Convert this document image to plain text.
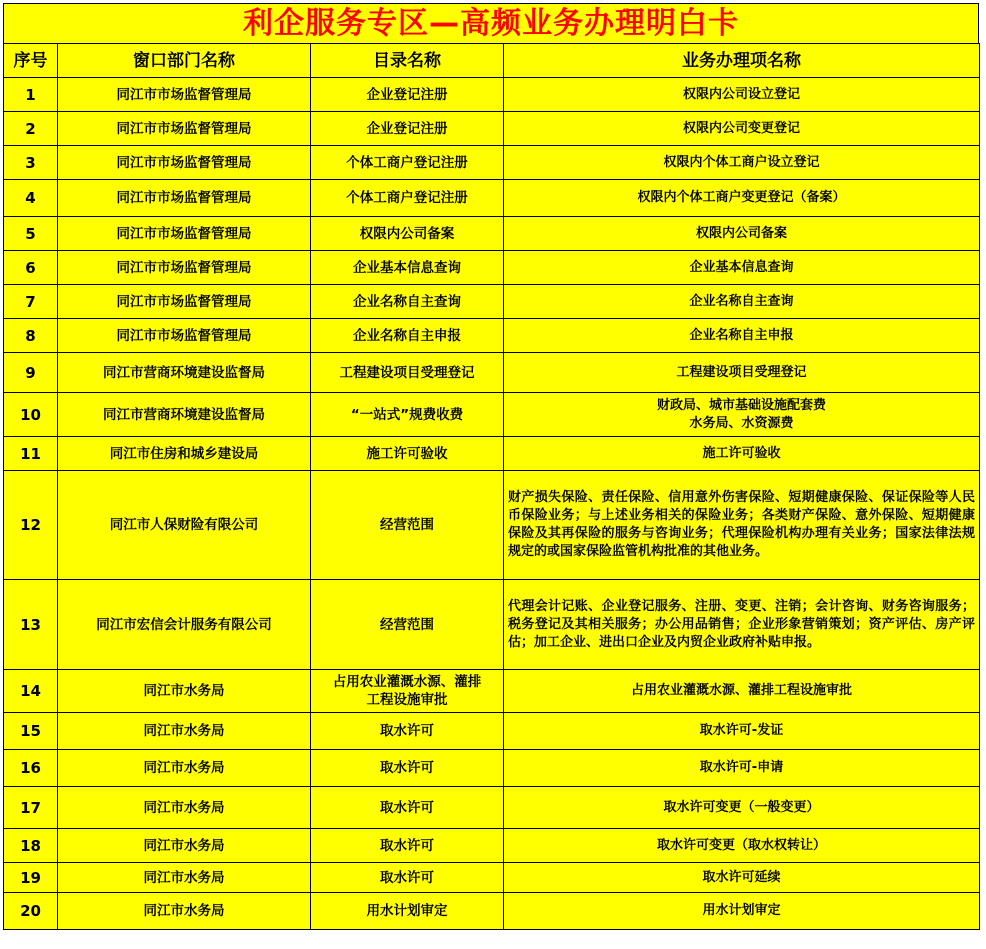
利企服务专区—高频业务办理明白卡
序号	窗口部门名称	目录名称	业务办理项名称
1	同江市市场监督管理局	企业登记注册	权限内公司设立登记
2	同江市市场监督管理局	企业登记注册	权限内公司变更登记
3	同江市市场监督管理局	个体工商户登记注册	权限内个体工商户设立登记
4	同江市市场监督管理局	个体工商户登记注册	权限内个体工商户变更登记（备案）
5	同江市市场监督管理局	权限内公司备案	权限内公司备案
6	同江市市场监督管理局	企业基本信息查询	企业基本信息查询
7	同江市市场监督管理局	企业名称自主查询	企业名称自主查询
8	同江市市场监督管理局	企业名称自主申报	企业名称自主申报
9	同江市营商环境建设监督局	工程建设项目受理登记	工程建设项目受理登记
10	同江市营商环境建设监督局	“一站式”规费收费	财政局、城市基础设施配套费
水务局、水资源费

11	同江市住房和城乡建设局	施工许可验收	施工许可验收
12	同江市人保财险有限公司	经营范围	财产损失保险、责任保险、信用意外伤害保险、短期健康保险、保证保险等人民币保险业务；与上述业务相关的保险业务；各类财产保险、意外保险、短期健康保险及其再保险的服务与咨询业务；代理保险机构办理有关业务；国家法律法规规定的或国家保险监管机构批准的其他业务。
13	同江市宏信会计服务有限公司	经营范围	代理会计记账、企业登记服务、注册、变更、注销；会计咨询、财务咨询服务；税务登记及其相关服务；办公用品销售；企业形象营销策划；资产评估、房产评估；加工企业、进出口企业及内贸企业政府补贴申报。
14	同江市水务局	占用农业灌溉水源、灌排
工程设施审批	占用农业灌溉水源、灌排工程设施审批
15	同江市水务局	取水许可	取水许可-发证
16	同江市水务局	取水许可	取水许可-申请
17	同江市水务局	取水许可	取水许可变更（一般变更）
18	同江市水务局	取水许可	取水许可变更（取水权转让）
19	同江市水务局	取水许可	取水许可延续
20	同江市水务局	用水计划审定	用水计划审定
